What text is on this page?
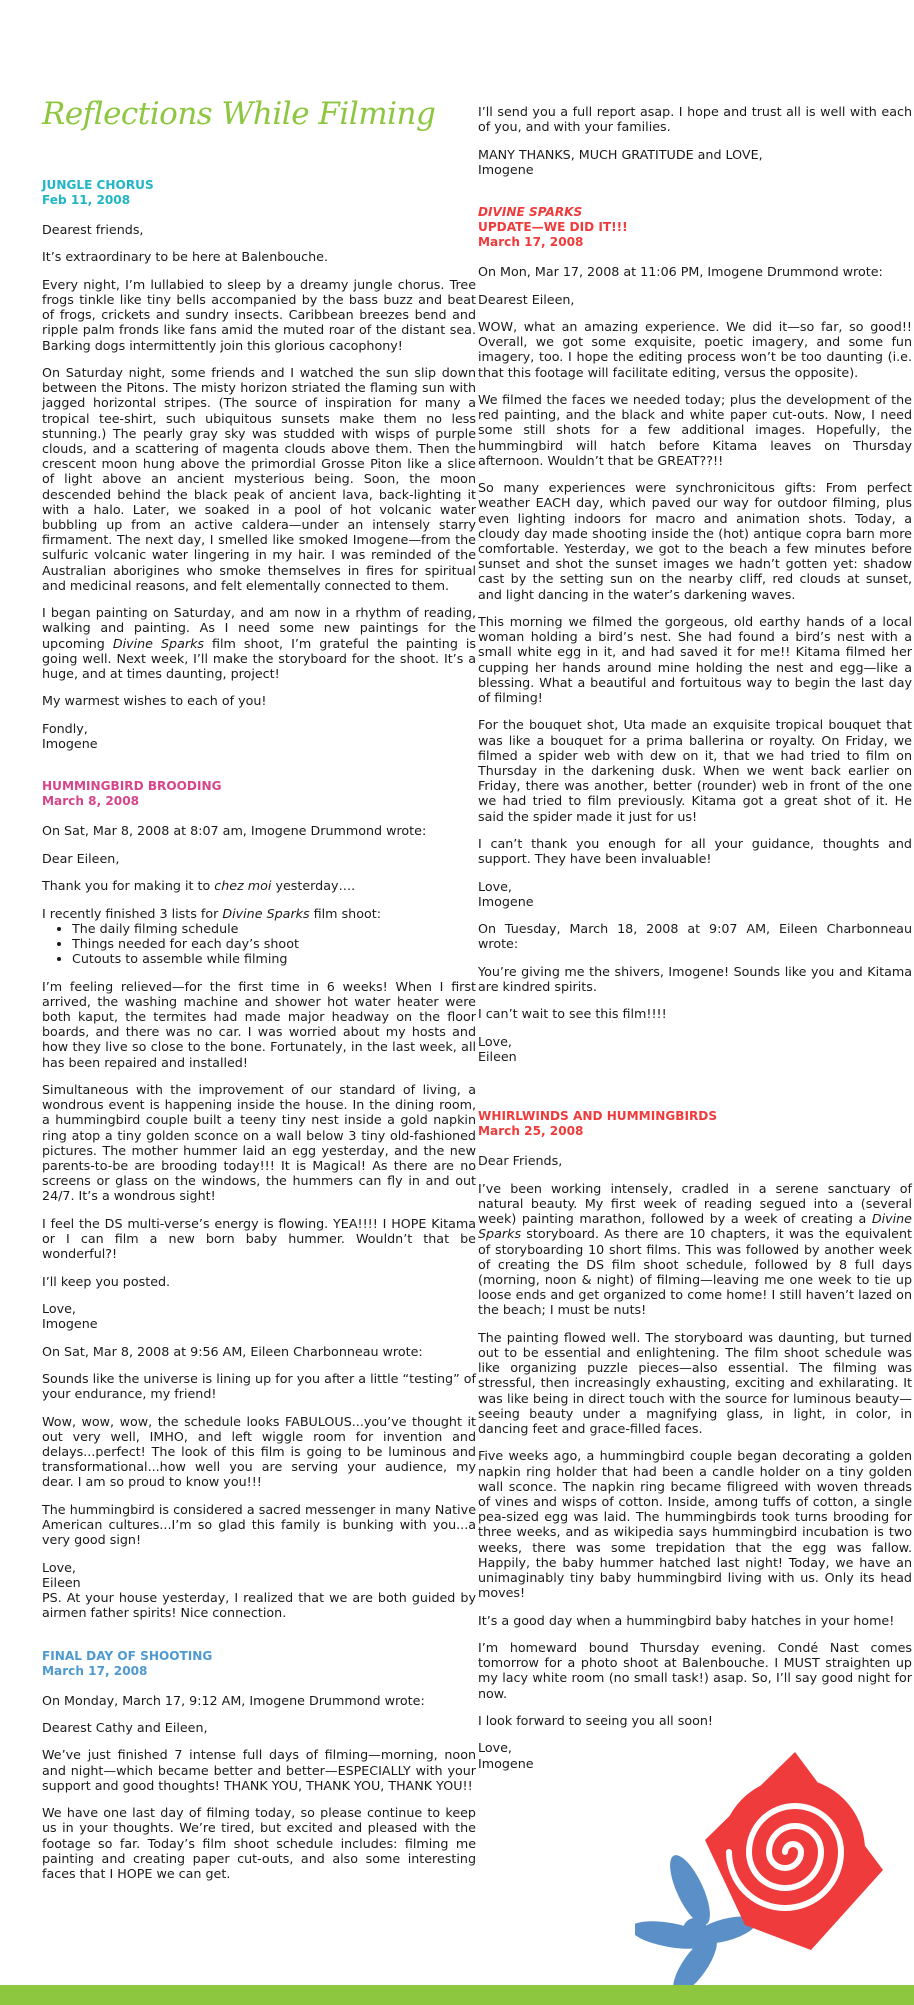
Reflections While Filming
JUNGLE CHORUS
Feb 11, 2008

Dearest friends,

It’s extraordinary to be here at Balenbouche.

Every night, I’m lullabied to sleep by a dreamy jungle chorus. Tree frogs tinkle like tiny bells accompanied by the bass buzz and beat of frogs, crickets and sundry insects. Caribbean breezes bend and ripple palm fronds like fans amid the muted roar of the distant sea. Barking dogs intermittently join this glorious cacophony!

On Saturday night, some friends and I watched the sun slip down between the Pitons. The misty horizon striated the flaming sun with jagged horizontal stripes. (The source of inspiration for many a tropical tee-shirt, such ubiquitous sunsets make them no less stunning.) The pearly gray sky was studded with wisps of purple clouds, and a scattering of magenta clouds above them. Then the crescent moon hung above the primordial Grosse Piton like a slice of light above an ancient mysterious being. Soon, the moon descended behind the black peak of ancient lava, back-lighting it with a halo. Later, we soaked in a pool of hot volcanic water bubbling up from an active caldera—under an intensely starry firmament. The next day, I smelled like smoked Imogene—from the sulfuric volcanic water lingering in my hair. I was reminded of the Australian aborigines who smoke themselves in fires for spiritual and medicinal reasons, and felt elementally connected to them.

I began painting on Saturday, and am now in a rhythm of reading, walking and painting. As I need some new paintings for the upcoming Divine Sparks film shoot, I’m grateful the painting is going well. Next week, I’ll make the storyboard for the shoot. It’s a huge, and at times daunting, project!

My warmest wishes to each of you!

Fondly,
Imogene

HUMMINGBIRD BROODING
March 8, 2008

On Sat, Mar 8, 2008 at 8:07 am, Imogene Drummond wrote:

Dear Eileen,

Thank you for making it to chez moi yesterday….

I recently finished 3 lists for Divine Sparks film shoot:

• The daily filming schedule
• Things needed for each day’s shoot
• Cutouts to assemble while filming

I’m feeling relieved—for the first time in 6 weeks! When I first arrived, the washing machine and shower hot water heater were both kaput, the termites had made major headway on the floor boards, and there was no car. I was worried about my hosts and how they live so close to the bone. Fortunately, in the last week, all has been repaired and installed!

Simultaneous with the improvement of our standard of living, a wondrous event is happening inside the house. In the dining room, a hummingbird couple built a teeny tiny nest inside a gold napkin ring atop a tiny golden sconce on a wall below 3 tiny old-fashioned pictures. The mother hummer laid an egg yesterday, and the new parents-to-be are brooding today!!! It is Magical! As there are no screens or glass on the windows, the hummers can fly in and out 24/7. It’s a wondrous sight!

I feel the DS multi-verse’s energy is flowing. YEA!!!! I HOPE Kitama or I can film a new born baby hummer. Wouldn’t that be wonderful?!

I’ll keep you posted.

Love,
Imogene

On Sat, Mar 8, 2008 at 9:56 AM, Eileen Charbonneau wrote:

Sounds like the universe is lining up for you after a little “testing” of your endurance, my friend!

Wow, wow, wow, the schedule looks FABULOUS...you’ve thought it out very well, IMHO, and left wiggle room for invention and delays...perfect! The look of this film is going to be luminous and transformational...how well you are serving your audience, my dear. I am so proud to know you!!!

The hummingbird is considered a sacred messenger in many Native American cultures...I’m so glad this family is bunking with you...a very good sign!

Love,
Eileen
PS. At your house yesterday, I realized that we are both guided by airmen father spirits! Nice connection.

FINAL DAY OF SHOOTING
March 17, 2008

On Monday, March 17, 9:12 AM, Imogene Drummond wrote:

Dearest Cathy and Eileen,

We’ve just finished 7 intense full days of filming—morning, noon and night—which became better and better—ESPECIALLY with your support and good thoughts! THANK YOU, THANK YOU, THANK YOU!!

We have one last day of filming today, so please continue to keep us in your thoughts. We’re tired, but excited and pleased with the footage so far. Today’s film shoot schedule includes: filming me painting and creating paper cut-outs, and also some interesting faces that I HOPE we can get.

I’ll send you a full report asap. I hope and trust all is well with each of you, and with your families.

MANY THANKS, MUCH GRATITUDE and LOVE,
Imogene

DIVINE SPARKS
UPDATE—WE DID IT!!!
March 17, 2008

On Mon, Mar 17, 2008 at 11:06 PM, Imogene Drummond wrote:

Dearest Eileen,

WOW, what an amazing experience. We did it—so far, so good!! Overall, we got some exquisite, poetic imagery, and some fun imagery, too. I hope the editing process won’t be too daunting (i.e. that this footage will facilitate editing, versus the opposite).

We filmed the faces we needed today; plus the development of the red painting, and the black and white paper cut-outs. Now, I need some still shots for a few additional images. Hopefully, the hummingbird will hatch before Kitama leaves on Thursday afternoon. Wouldn’t that be GREAT??!!

So many experiences were synchronicitous gifts: From perfect weather EACH day, which paved our way for outdoor filming, plus even lighting indoors for macro and animation shots. Today, a cloudy day made shooting inside the (hot) antique copra barn more comfortable. Yesterday, we got to the beach a few minutes before sunset and shot the sunset images we hadn’t gotten yet: shadow cast by the setting sun on the nearby cliff, red clouds at sunset, and light dancing in the water’s darkening waves.

This morning we filmed the gorgeous, old earthy hands of a local woman holding a bird’s nest. She had found a bird’s nest with a small white egg in it, and had saved it for me!! Kitama filmed her cupping her hands around mine holding the nest and egg—like a blessing. What a beautiful and fortuitous way to begin the last day of filming!

For the bouquet shot, Uta made an exquisite tropical bouquet that was like a bouquet for a prima ballerina or royalty. On Friday, we filmed a spider web with dew on it, that we had tried to film on Thursday in the darkening dusk. When we went back earlier on Friday, there was another, better (rounder) web in front of the one we had tried to film previously. Kitama got a great shot of it. He said the spider made it just for us!

I can’t thank you enough for all your guidance, thoughts and support. They have been invaluable!

Love,
Imogene

On Tuesday, March 18, 2008 at 9:07 AM, Eileen Charbonneau wrote:

You’re giving me the shivers, Imogene! Sounds like you and Kitama are kindred spirits.

I can’t wait to see this film!!!!

Love,
Eileen

WHIRLWINDS AND HUMMINGBIRDS
March 25, 2008

Dear Friends,

I’ve been working intensely, cradled in a serene sanctuary of natural beauty. My first week of reading segued into a (several week) painting marathon, followed by a week of creating a Divine Sparks storyboard. As there are 10 chapters, it was the equivalent of storyboarding 10 short films. This was followed by another week of creating the DS film shoot schedule, followed by 8 full days (morning, noon & night) of filming—leaving me one week to tie up loose ends and get organized to come home! I still haven’t lazed on the beach; I must be nuts!

The painting flowed well. The storyboard was daunting, but turned out to be essential and enlightening. The film shoot schedule was like organizing puzzle pieces—also essential. The filming was stressful, then increasingly exhausting, exciting and exhilarating. It was like being in direct touch with the source for luminous beauty—seeing beauty under a magnifying glass, in light, in color, in dancing feet and grace-filled faces.

Five weeks ago, a hummingbird couple began decorating a golden napkin ring holder that had been a candle holder on a tiny golden wall sconce. The napkin ring became filigreed with woven threads of vines and wisps of cotton. Inside, among tuffs of cotton, a single pea-sized egg was laid. The hummingbirds took turns brooding for three weeks, and as wikipedia says hummingbird incubation is two weeks, there was some trepidation that the egg was fallow. Happily, the baby hummer hatched last night! Today, we have an unimaginably tiny baby hummingbird living with us. Only its head moves!

It’s a good day when a hummingbird baby hatches in your home!

I’m homeward bound Thursday evening. Condé Nast comes tomorrow for a photo shoot at Balenbouche. I MUST straighten up my lacy white room (no small task!) asap. So, I’ll say good night for now.

I look forward to seeing you all soon!

Love,
Imogene
